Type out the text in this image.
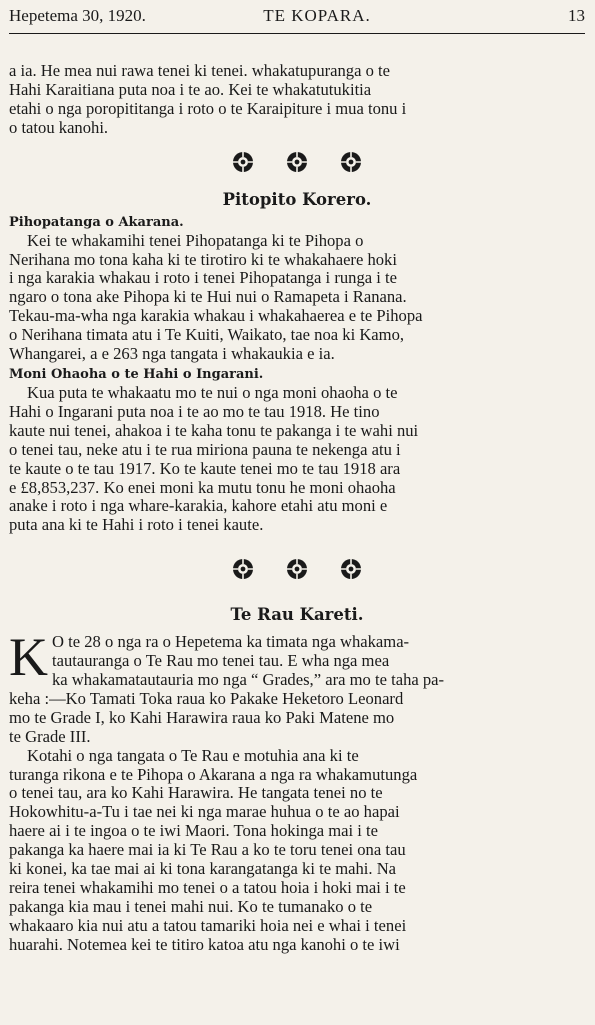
Hepetema 30, 1920.	TE KOPARA.	13

a ia. He mea nui rawa tenei ki tenei. whakatupuranga o te

Hahi Karaitiana puta noa i te ao. Kei te whakatutukitia

etahi o nga poropititanga i roto o te Karaipiture i mua tonu i

o tatou kanohi.

Pitopito Korero.
Pihopatanga o Akarana.

Kei te whakamihi tenei Pihopatanga ki te Pihopa o

Nerihana mo tona kaha ki te tirotiro ki te whakahaere hoki

i nga karakia whakau i roto i tenei Pihopatanga i runga i te

ngaro o tona ake Pihopa ki te Hui nui o Ramapeta i Ranana.

Tekau-ma-wha nga karakia whakau i whakahaerea e te Pihopa

o Nerihana timata atu i Te Kuiti, Waikato, tae noa ki Kamo,

Whangarei, a e 263 nga tangata i whakaukia e ia.

Moni Ohaoha o te Hahi o Ingarani.

Kua puta te whakaatu mo te nui o nga moni ohaoha o te

Hahi o Ingarani puta noa i te ao mo te tau 1918. He tino

kaute nui tenei, ahakoa i te kaha tonu te pakanga i te wahi nui

o tenei tau, neke atu i te rua miriona pauna te nekenga atu i

te kaute o te tau 1917. Ko te kaute tenei mo te tau 1918 ara

e £8,853,237. Ko enei moni ka mutu tonu he moni ohaoha

anake i roto i nga whare-karakia, kahore etahi atu moni e

puta ana ki te Hahi i roto i tenei kaute.

Te Rau Kareti.
K O te 28 o nga ra o Hepetema ka timata nga whakama-

tautauranga o Te Rau mo tenei tau. E wha nga mea

ka whakamatautauria mo nga “ Grades,” ara mo te taha pa-

keha :—Ko Tamati Toka raua ko Pakake Heketoro Leonard

mo te Grade I, ko Kahi Harawira raua ko Paki Matene mo

te Grade III.

Kotahi o nga tangata o Te Rau e motuhia ana ki te

turanga rikona e te Pihopa o Akarana a nga ra whakamutunga

o tenei tau, ara ko Kahi Harawira. He tangata tenei no te

Hokowhitu-a-Tu i tae nei ki nga marae huhua o te ao hapai

haere ai i te ingoa o te iwi Maori. Tona hokinga mai i te

pakanga ka haere mai ia ki Te Rau a ko te toru tenei ona tau

ki konei, ka tae mai ai ki tona karangatanga ki te mahi. Na

reira tenei whakamihi mo tenei o a tatou hoia i hoki mai i te

pakanga kia mau i tenei mahi nui. Ko te tumanako o te

whakaaro kia nui atu a tatou tamariki hoia nei e whai i tenei

huarahi. Notemea kei te titiro katoa atu nga kanohi o te iwi
